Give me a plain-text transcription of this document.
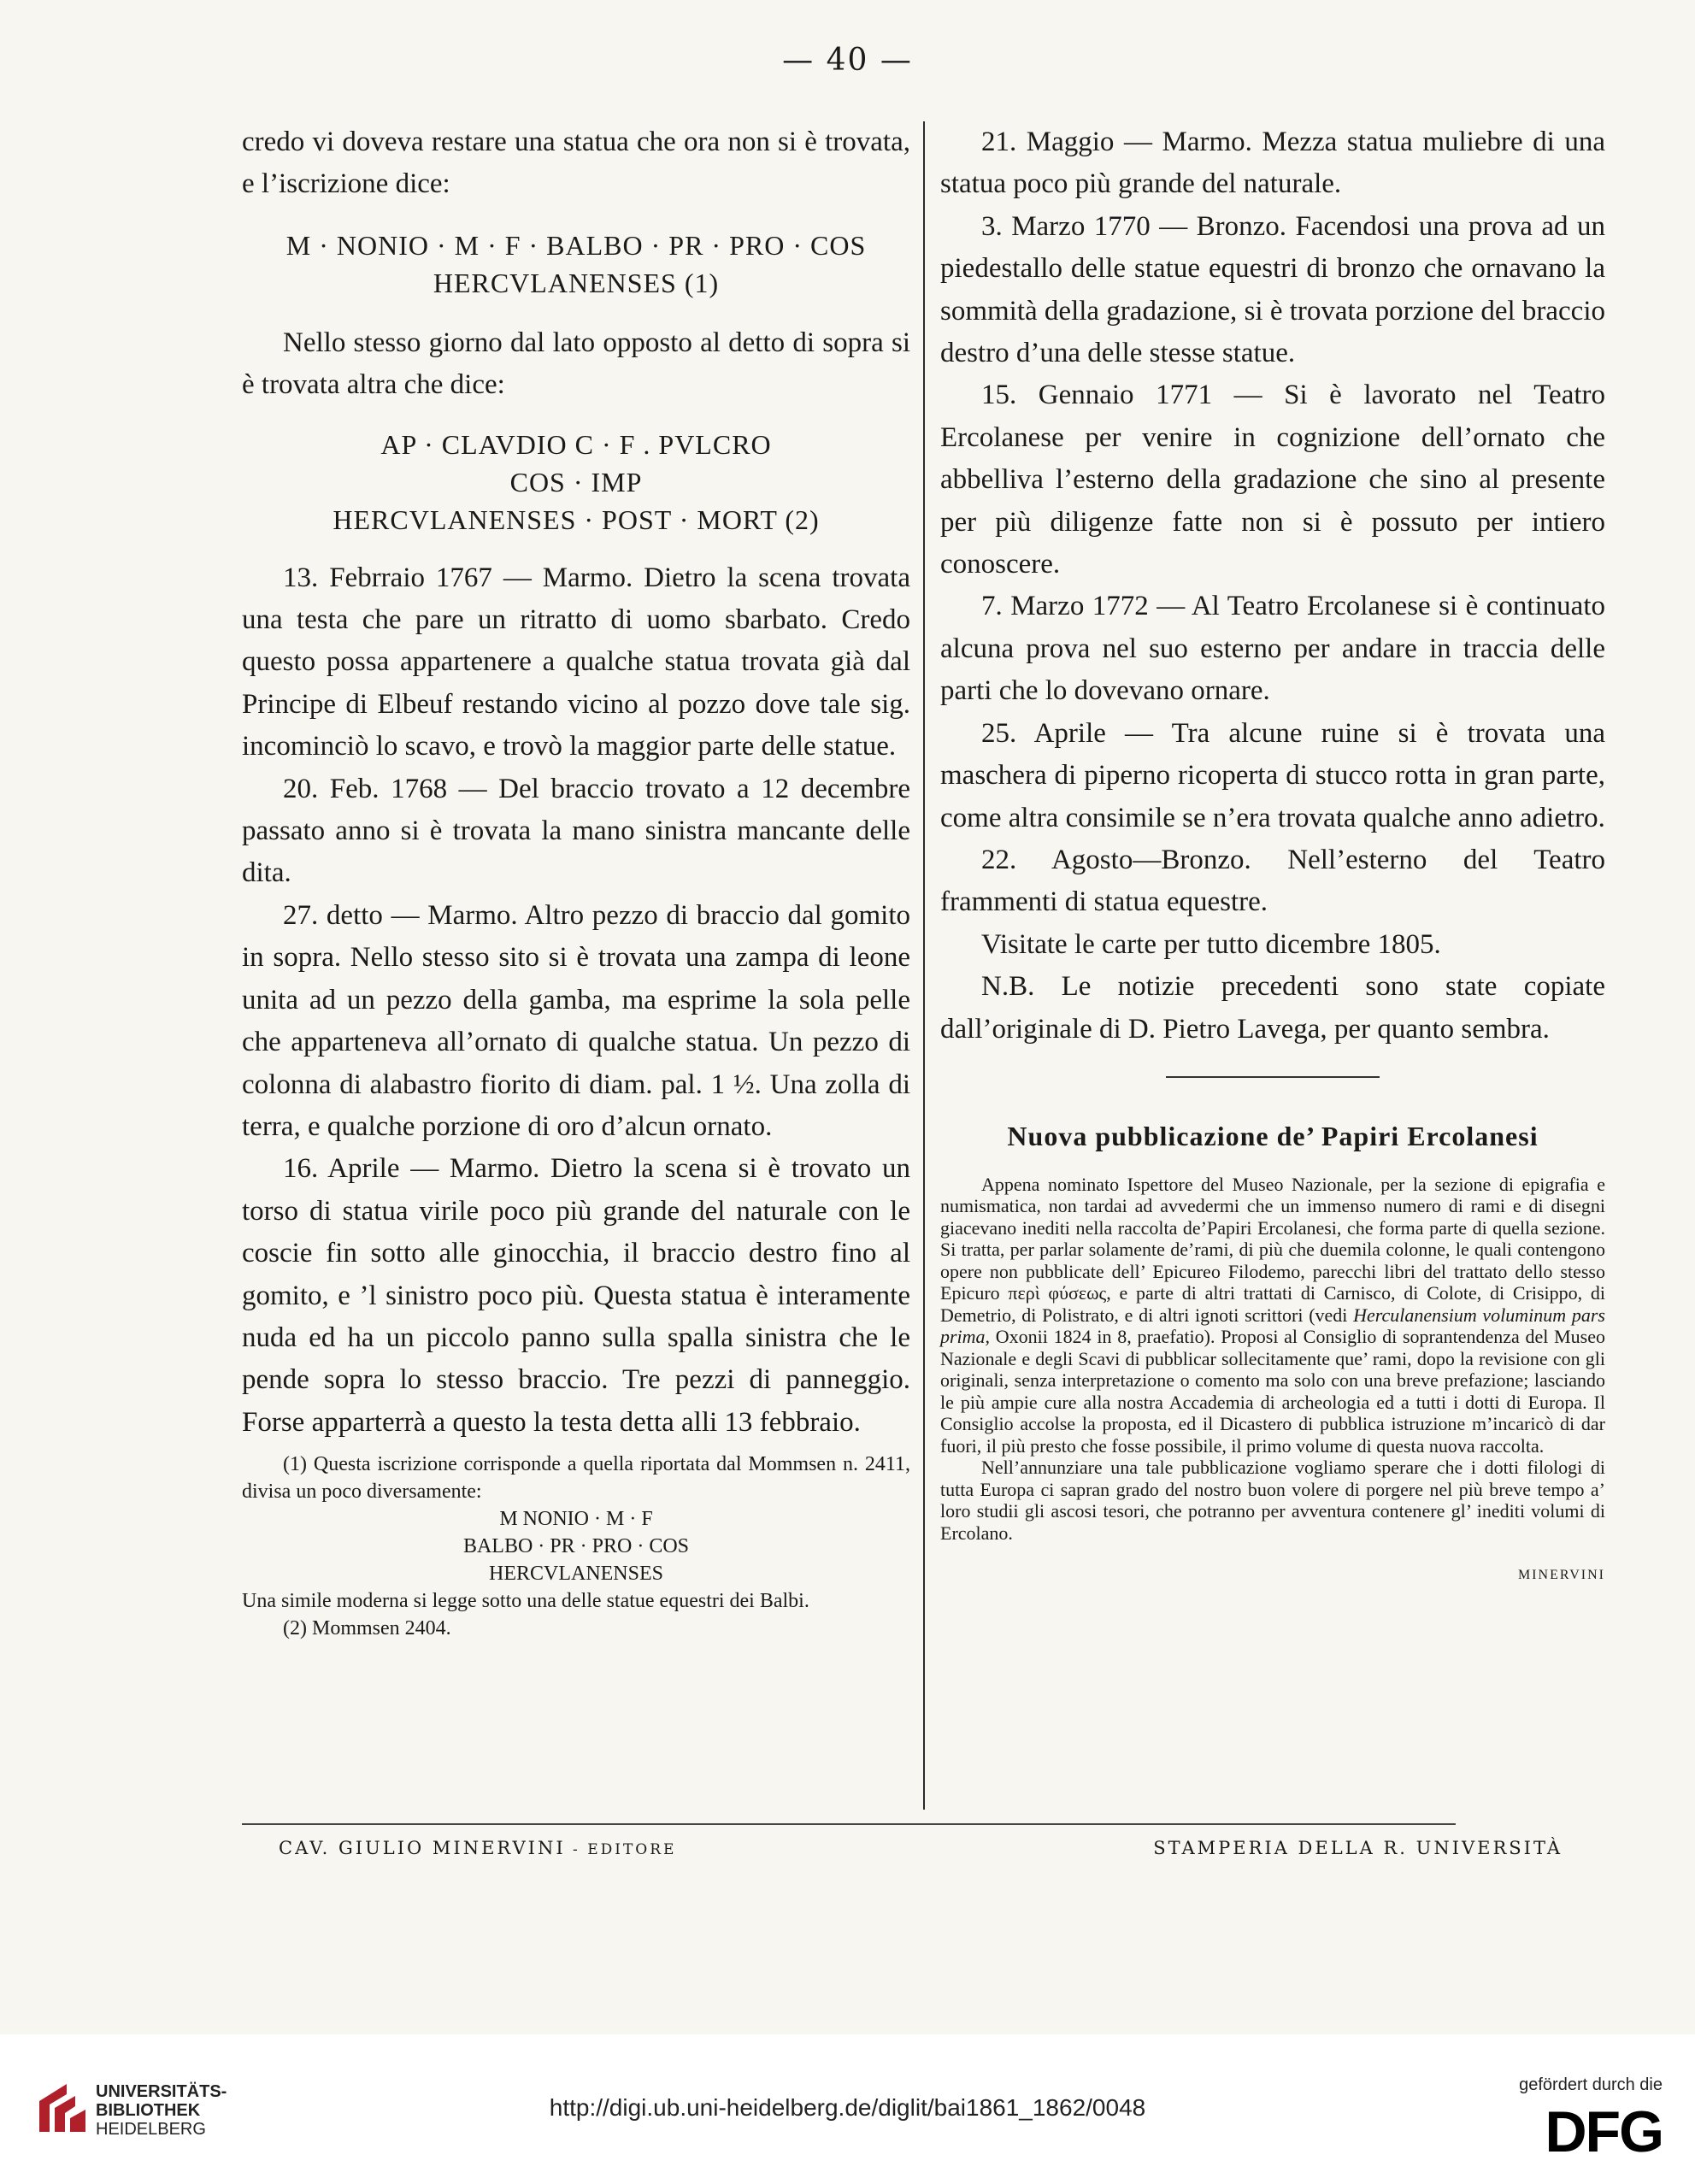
— 40 —

credo vi doveva restare una statua che ora non si è trovata, e l’iscrizione dice:

M · NONIO · M · F · BALBO · PR · PRO · COS
HERCVLANENSES (1)

Nello stesso giorno dal lato opposto al detto di sopra si è trovata altra che dice:

AP · CLAVDIO C · F . PVLCRO
COS · IMP
HERCVLANENSES · POST · MORT (2)

13. Febrraio 1767 — Marmo. Dietro la scena trovata una testa che pare un ritratto di uomo sbarbato. Credo questo possa appartenere a qualche statua trovata già dal Principe di Elbeuf restando vicino al pozzo dove tale sig. incominciò lo scavo, e trovò la maggior parte delle statue.

20. Feb. 1768 — Del braccio trovato a 12 decembre passato anno si è trovata la mano sinistra mancante delle dita.

27. detto — Marmo. Altro pezzo di braccio dal gomito in sopra. Nello stesso sito si è trovata una zampa di leone unita ad un pezzo della gamba, ma esprime la sola pelle che apparteneva all’ornato di qualche statua. Un pezzo di colonna di alabastro fiorito di diam. pal. 1 ½. Una zolla di terra, e qualche porzione di oro d’alcun ornato.

16. Aprile — Marmo. Dietro la scena si è trovato un torso di statua virile poco più grande del naturale con le coscie fin sotto alle ginocchia, il braccio destro fino al gomito, e ’l sinistro poco più. Questa statua è interamente nuda ed ha un piccolo panno sulla spalla sinistra che le pende sopra lo stesso braccio. Tre pezzi di panneggio. Forse apparterrà a questo la testa detta alli 13 febbraio.

(1) Questa iscrizione corrisponde a quella riportata dal Mommsen n. 2411, divisa un poco diversamente:
M NONIO · M · F
BALBO · PR · PRO · COS
HERCVLANENSES
Una simile moderna si legge sotto una delle statue equestri dei Balbi.
(2) Mommsen 2404.

21. Maggio — Marmo. Mezza statua muliebre di una statua poco più grande del naturale.

3. Marzo 1770 — Bronzo. Facendosi una prova ad un piedestallo delle statue equestri di bronzo che ornavano la sommità della gradazione, si è trovata porzione del braccio destro d’una delle stesse statue.

15. Gennaio 1771 — Si è lavorato nel Teatro Ercolanese per venire in cognizione dell’ornato che abbelliva l’esterno della gradazione che sino al presente per più diligenze fatte non si è possuto per intiero conoscere.

7. Marzo 1772 — Al Teatro Ercolanese si è continuato alcuna prova nel suo esterno per andare in traccia delle parti che lo dovevano ornare.

25. Aprile — Tra alcune ruine si è trovata una maschera di piperno ricoperta di stucco rotta in gran parte, come altra consimile se n’era trovata qualche anno adietro.

22. Agosto—Bronzo. Nell’esterno del Teatro frammenti di statua equestre.

Visitate le carte per tutto dicembre 1805.

N.B. Le notizie precedenti sono state copiate dall’originale di D. Pietro Lavega, per quanto sembra.

Nuova pubblicazione de’ Papiri Ercolanesi
Appena nominato Ispettore del Museo Nazionale, per la sezione di epigrafia e numismatica, non tardai ad avvedermi che un immenso numero di rami e di disegni giacevano inediti nella raccolta de’Papiri Ercolanesi, che forma parte di quella sezione. Si tratta, per parlar solamente de’rami, di più che duemila colonne, le quali contengono opere non pubblicate dell’ Epicureo Filodemo, parecchi libri del trattato dello stesso Epicuro περὶ φύσεως, e parte di altri trattati di Carnisco, di Colote, di Crisippo, di Demetrio, di Polistrato, e di altri ignoti scrittori (vedi Herculanensium voluminum pars prima, Oxonii 1824 in 8, praefatio). Proposi al Consiglio di soprantendenza del Museo Nazionale e degli Scavi di pubblicar sollecitamente que’ rami, dopo la revisione con gli originali, senza interpretazione o comento ma solo con una breve prefazione; lasciando le più ampie cure alla nostra Accademia di archeologia ed a tutti i dotti di Europa. Il Consiglio accolse la proposta, ed il Dicastero di pubblica istruzione m’incaricò di dar fuori, il più presto che fosse possibile, il primo volume di questa nuova raccolta.
Nell’annunziare una tale pubblicazione vogliamo sperare che i dotti filologi di tutta Europa ci sapran grado del nostro buon volere di porgere nel più breve tempo a’ loro studii gli ascosi tesori, che potranno per avventura contenere gl’ inediti volumi di Ercolano.
MINERVINI
CAV. GIULIO MINERVINI - EDITORE	STAMPERIA DELLA R. UNIVERSITÀ
UNIVERSITÄTS-
BIBLIOTHEK
HEIDELBERG
http://digi.ub.uni-heidelberg.de/diglit/bai1861_1862/0048
gefördert durch die
DFG
